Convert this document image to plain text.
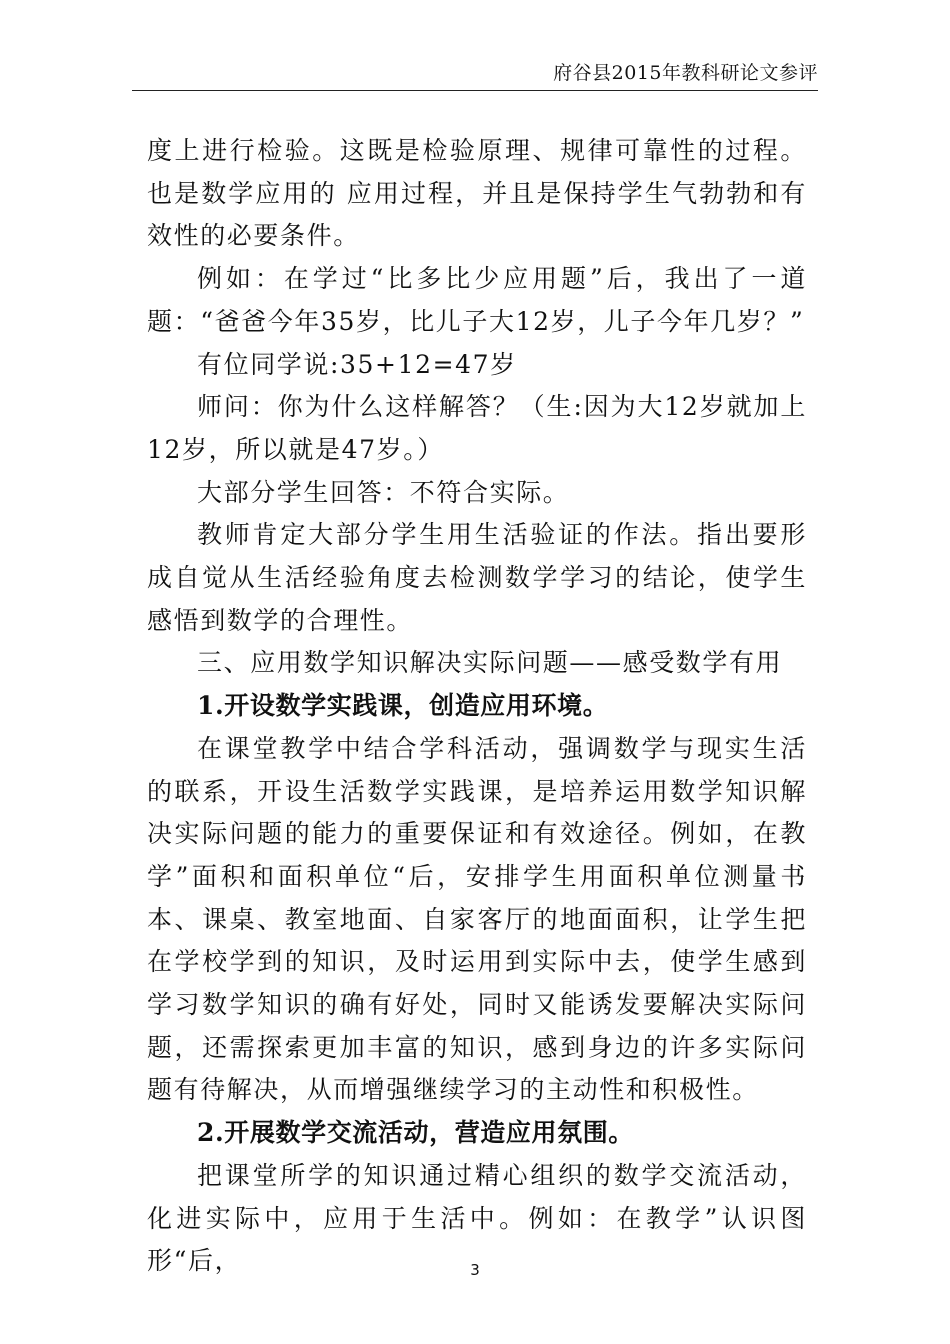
府谷县2015年教科研论文参评

度上进行检验。这既是检验原理、规律可靠性的过程。也是数学应用的 应用过程，并且是保持学生气勃勃和有效性的必要条件。

例如：在学过“比多比少应用题”后，我出了一道题：“爸爸今年35岁，比儿子大12岁，儿子今年几岁？”

有位同学说:35+12=47岁

师问：你为什么这样解答？（生:因为大12岁就加上12岁，所以就是47岁。）

大部分学生回答：不符合实际。

教师肯定大部分学生用生活验证的作法。指出要形成自觉从生活经验角度去检测数学学习的结论，使学生感悟到数学的合理性。

三、应用数学知识解决实际问题——感受数学有用

1.开设数学实践课，创造应用环境。

在课堂教学中结合学科活动，强调数学与现实生活的联系，开设生活数学实践课，是培养运用数学知识解决实际问题的能力的重要保证和有效途径。例如，在教学”面积和面积单位“后，安排学生用面积单位测量书本、课桌、教室地面、自家客厅的地面面积，让学生把在学校学到的知识，及时运用到实际中去，使学生感到学习数学知识的确有好处，同时又能诱发要解决实际问题，还需探索更加丰富的知识，感到身边的许多实际问题有待解决，从而增强继续学习的主动性和积极性。

2.开展数学交流活动，营造应用氛围。

把课堂所学的知识通过精心组织的数学交流活动，化进实际中，应用于生活中。例如：在教学”认识图形“后，	3
